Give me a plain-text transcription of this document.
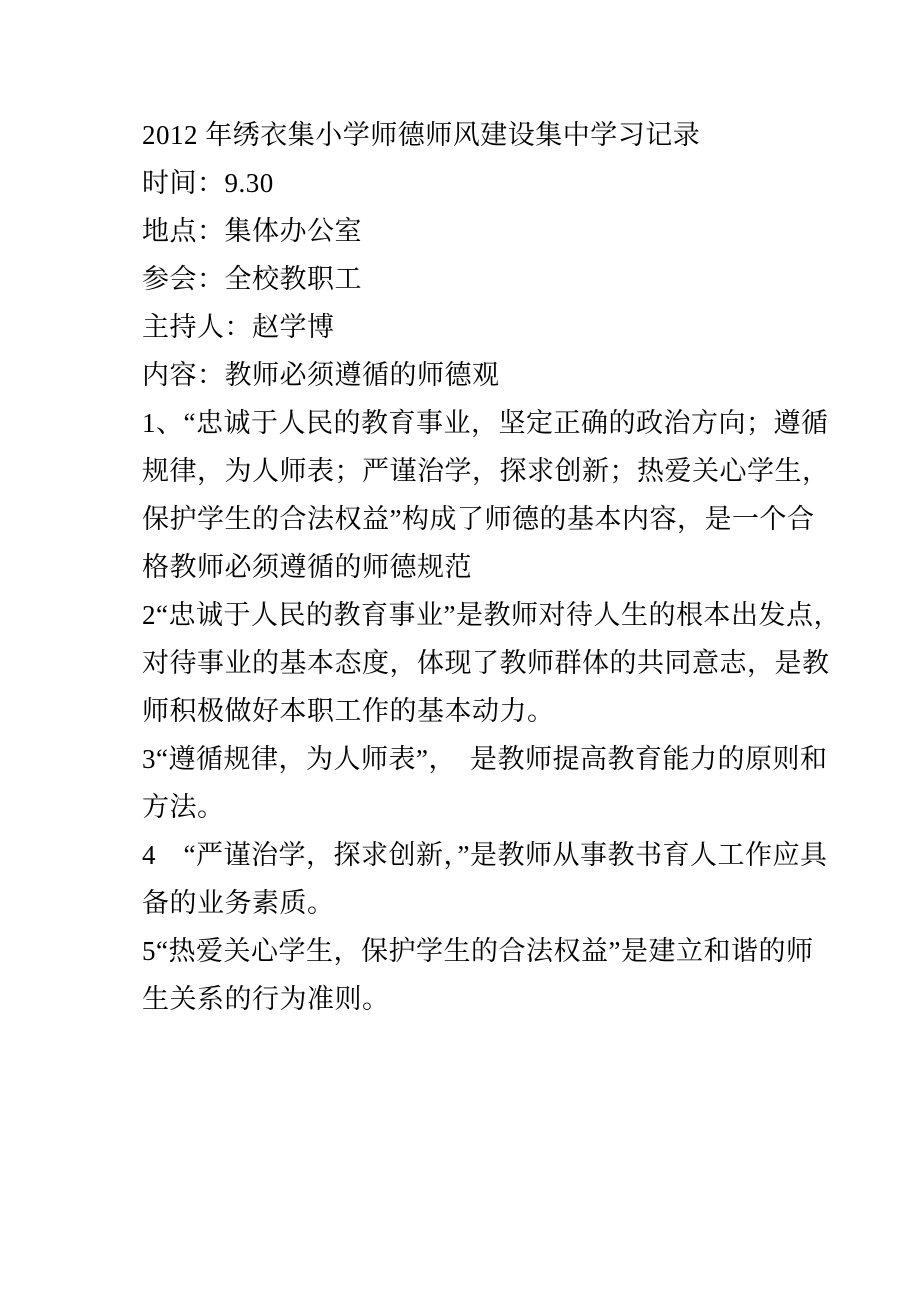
2012 年绣衣集小学师德师风建设集中学习记录
时间：9.30
地点：集体办公室
参会：全校教职工
主持人：赵学博
内容：教师必须遵循的师德观
1、“忠诚于人民的教育事业，坚定正确的政治方向；遵循
规律，为人师表；严谨治学，探求创新；热爱关心学生，
保护学生的合法权益”构成了师德的基本内容，是一个合
格教师必须遵循的师德规范
2“忠诚于人民的教育事业”是教师对待人生的根本出发点，
对待事业的基本态度，体现了教师群体的共同意志，是教
师积极做好本职工作的基本动力。
3“遵循规律，为人师表”，　是教师提高教育能力的原则和
方法。
4　“严谨治学，探求创新，”是教师从事教书育人工作应具
备的业务素质。
5“热爱关心学生，保护学生的合法权益”是建立和谐的师
生关系的行为准则。
